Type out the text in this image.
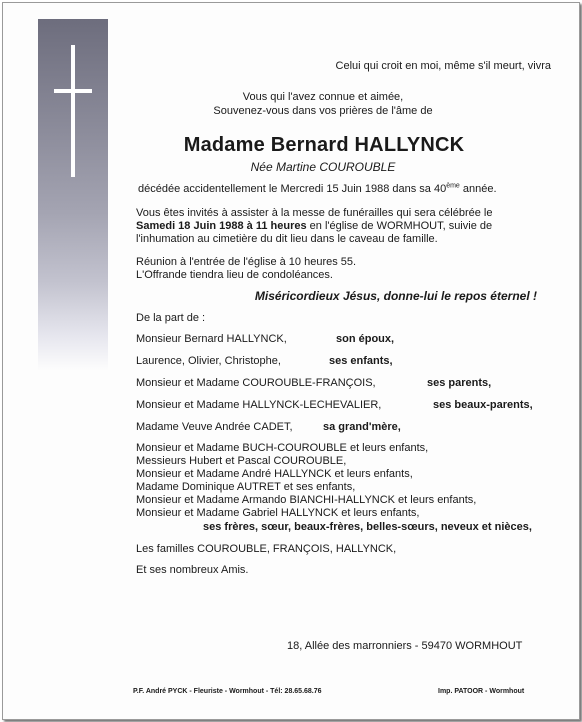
Celui qui croit en moi, même s'il meurt, vivra
Vous qui l'avez connue et aimée,
Souvenez-vous dans vos prières de l'âme de
Madame Bernard HALLYNCK
Née Martine COUROUBLE
décédée accidentellement le Mercredi 15 Juin 1988 dans sa 40ème année.
Vous êtes invités à assister à la messe de funérailles qui sera célébrée le
Samedi 18 Juin 1988 à 11 heures en l'église de WORMHOUT, suivie de
l'inhumation au cimetière du dit lieu dans le caveau de famille.
Réunion à l'entrée de l'église à 10 heures 55.
L'Offrande tiendra lieu de condoléances.
Miséricordieux Jésus, donne-lui le repos éternel !
De la part de :
Monsieur Bernard HALLYNCK,	son époux,
Laurence, Olivier, Christophe,	ses enfants,
Monsieur et Madame COUROUBLE-FRANÇOIS,	ses parents,
Monsieur et Madame HALLYNCK-LECHEVALIER,	ses beaux-parents,
Madame Veuve Andrée CADET,	sa grand'mère,
Monsieur et Madame BUCH-COUROUBLE et leurs enfants,
Messieurs Hubert et Pascal COUROUBLE,
Monsieur et Madame André HALLYNCK et leurs enfants,
Madame Dominique AUTRET et ses enfants,
Monsieur et Madame Armando BIANCHI-HALLYNCK et leurs enfants,
Monsieur et Madame Gabriel HALLYNCK et leurs enfants,
ses frères, sœur, beaux-frères, belles-sœurs, neveux et nièces,
Les familles COUROUBLE, FRANÇOIS, HALLYNCK,
Et ses nombreux Amis.
18, Allée des marronniers - 59470 WORMHOUT
P.F. André PYCK - Fleuriste - Wormhout - Tél: 28.65.68.76	Imp. PATOOR - Wormhout
